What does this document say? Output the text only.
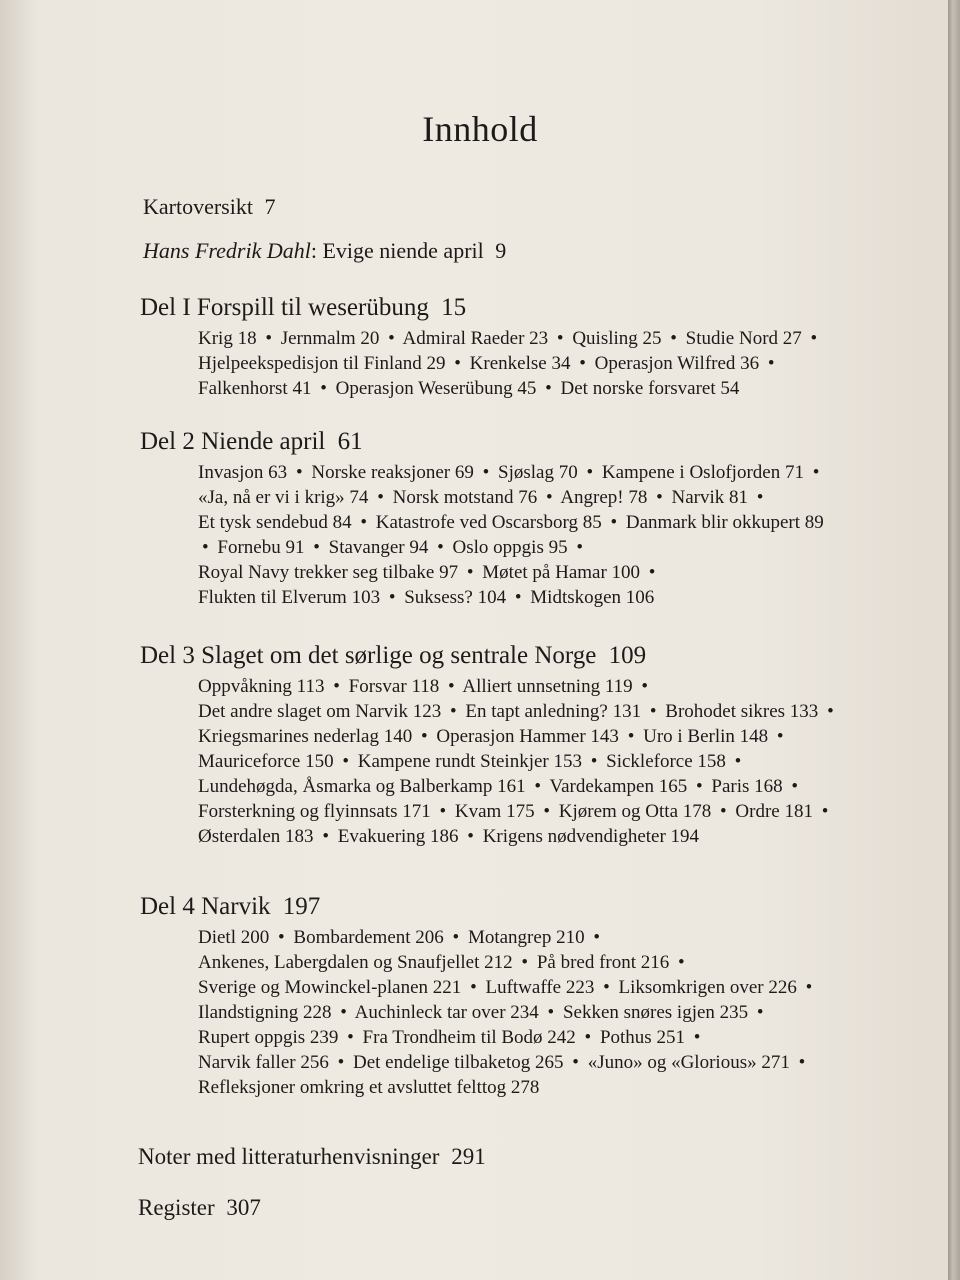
Innhold
Kartoversikt 7
Hans Fredrik Dahl: Evige niende april 9
Del I Forspill til weserübung 15
Krig 18 • Jernmalm 20 • Admiral Raeder 23 • Quisling 25 • Studie Nord 27 • Hjelpeekspedisjon til Finland 29 • Krenkelse 34 • Operasjon Wilfred 36 • Falkenhorst 41 • Operasjon Weserübung 45 • Det norske forsvaret 54
Del 2 Niende april 61
Invasjon 63 • Norske reaksjoner 69 • Sjøslag 70 • Kampene i Oslofjorden 71 • «Ja, nå er vi i krig» 74 • Norsk motstand 76 • Angrep! 78 • Narvik 81 • Et tysk sendebud 84 • Katastrofe ved Oscarsborg 85 • Danmark blir okkupert 89 • Fornebu 91 • Stavanger 94 • Oslo oppgis 95 • Royal Navy trekker seg tilbake 97 • Møtet på Hamar 100 • Flukten til Elverum 103 • Suksess? 104 • Midtskogen 106
Del 3 Slaget om det sørlige og sentrale Norge 109
Oppvåkning 113 • Forsvar 118 • Alliert unnsetning 119 • Det andre slaget om Narvik 123 • En tapt anledning? 131 • Brohodet sikres 133 • Kriegsmarines nederlag 140 • Operasjon Hammer 143 • Uro i Berlin 148 • Mauriceforce 150 • Kampene rundt Steinkjer 153 • Sickleforce 158 • Lundehøgda, Åsmarka og Balberkamp 161 • Vardekampen 165 • Paris 168 • Forsterkning og flyinnsats 171 • Kvam 175 • Kjørem og Otta 178 • Ordre 181 • Østerdalen 183 • Evakuering 186 • Krigens nødvendigheter 194
Del 4 Narvik 197
Dietl 200 • Bombardement 206 • Motangrep 210 • Ankenes, Labergdalen og Snaufjellet 212 • På bred front 216 • Sverige og Mowinckel-planen 221 • Luftwaffe 223 • Liksomkrigen over 226 • Ilandstigning 228 • Auchinleck tar over 234 • Sekken snøres igjen 235 • Rupert oppgis 239 • Fra Trondheim til Bodø 242 • Pothus 251 • Narvik faller 256 • Det endelige tilbaketog 265 • «Juno» og «Glorious» 271 • Refleksjoner omkring et avsluttet felttog 278
Noter med litteraturhenvisninger 291
Register 307
